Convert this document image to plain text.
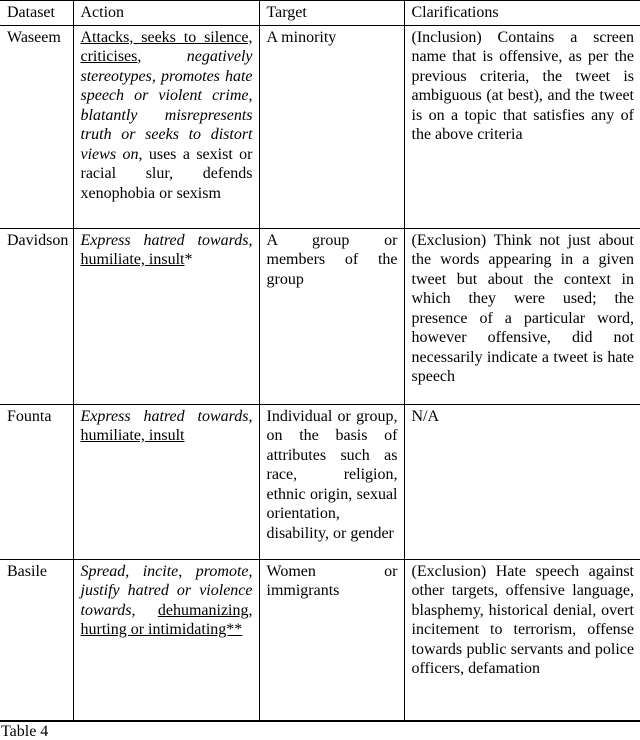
Dataset	Action	Target	Clarifications
Waseem	Attacks, seeks to silence, criticises, negatively stereotypes, promotes hate speech or violent crime, blatantly misrepresents truth or seeks to distort views on, uses a sexist or racial slur, defends xenophobia or sexism	A minority	(Inclusion) Contains a screen name that is offensive, as per the previous criteria, the tweet is ambiguous (at best), and the tweet is on a topic that satisfies any of the above criteria
Davidson	Express hatred towards, humiliate, insult*	A group or members of the group	(Exclusion) Think not just about the words appearing in a given tweet but about the context in which they were used; the presence of a particular word, however offensive, did not necessarily indicate a tweet is hate speech
Founta	Express hatred towards, humiliate, insult	Individual or group, on the basis of attributes such as race, religion, ethnic origin, sexual orientation, disability, or gender	N/A
Basile	Spread, incite, promote, justify hatred or violence towards, dehumanizing, hurting or intimidating**	Women or immigrants	(Exclusion) Hate speech against other targets, offensive language, blasphemy, historical denial, overt incitement to terrorism, offense towards public servants and police officers, defamation
Table 4
